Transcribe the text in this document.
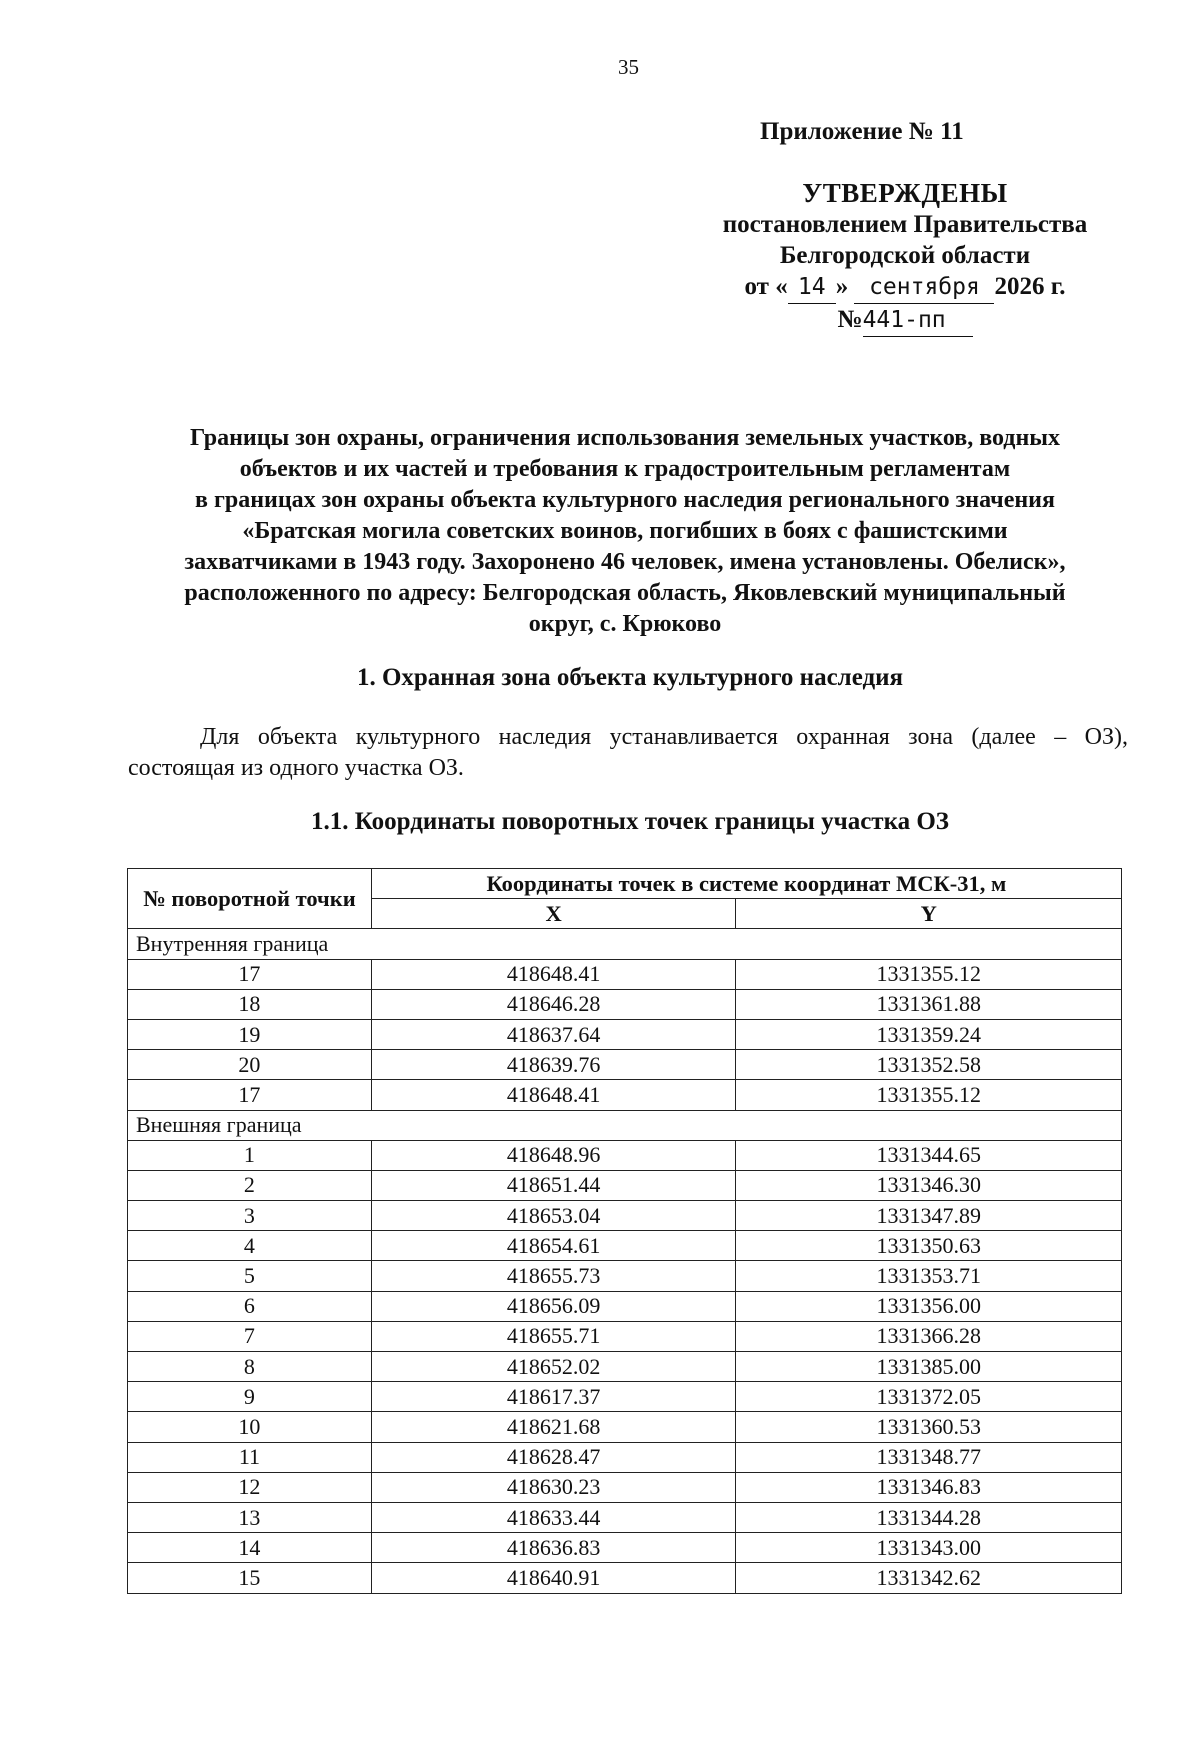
35
Приложение № 11
УТВЕРЖДЕНЫ
постановлением Правительства
Белгородской области
от « 14 » сентября 2026 г.
№441-пп
Границы зон охраны, ограничения использования земельных участков, водных
объектов и их частей и требования к градостроительным регламентам
в границах зон охраны объекта культурного наследия регионального значения
«Братская могила советских воинов, погибших в боях с фашистскими
захватчиками в 1943 году. Захоронено 46 человек, имена установлены. Обелиск»,
расположенного по адресу: Белгородская область, Яковлевский муниципальный
округ, с. Крюково
1. Охранная зона объекта культурного наследия
Для объекта культурного наследия устанавливается охранная зона (далее – ОЗ), состоящая из одного участка ОЗ.
1.1. Координаты поворотных точек границы участка ОЗ
№ поворотной точки	Координаты точек в системе координат МСК-31, м	
	X	Y
Внутренняя граница		
17	418648.41	1331355.12
18	418646.28	1331361.88
19	418637.64	1331359.24
20	418639.76	1331352.58
17	418648.41	1331355.12
Внешняя граница		
1	418648.96	1331344.65
2	418651.44	1331346.30
3	418653.04	1331347.89
4	418654.61	1331350.63
5	418655.73	1331353.71
6	418656.09	1331356.00
7	418655.71	1331366.28
8	418652.02	1331385.00
9	418617.37	1331372.05
10	418621.68	1331360.53
11	418628.47	1331348.77
12	418630.23	1331346.83
13	418633.44	1331344.28
14	418636.83	1331343.00
15	418640.91	1331342.62
